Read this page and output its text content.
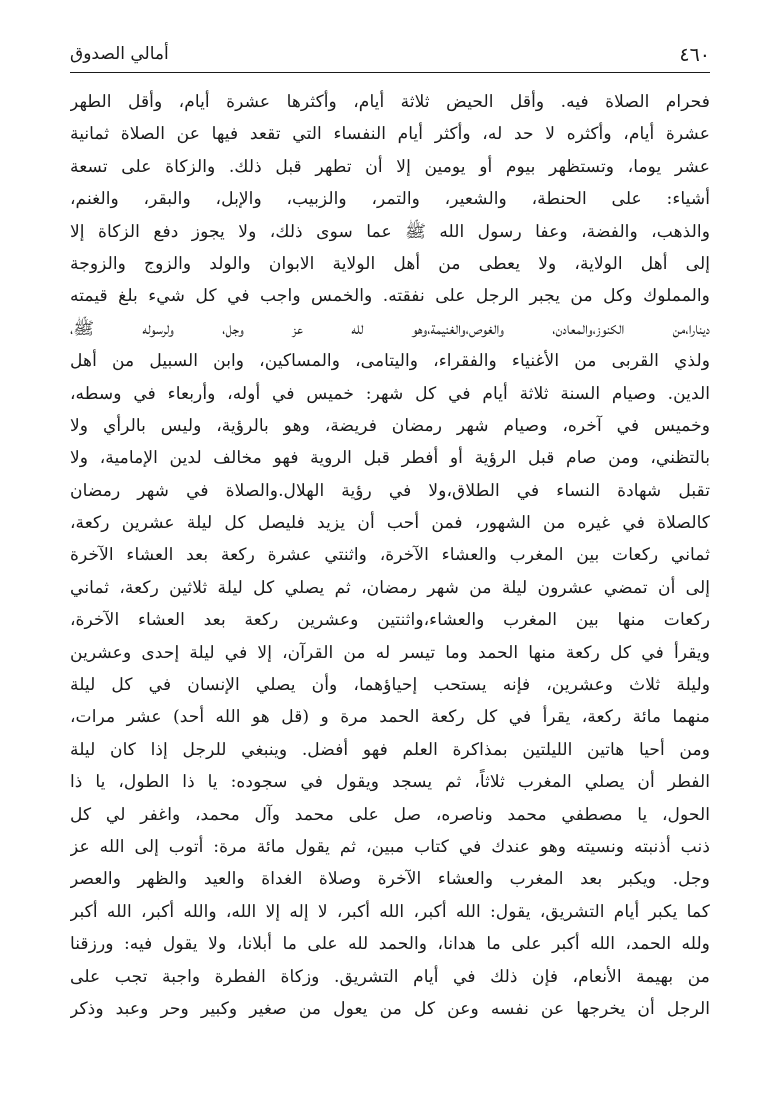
٤٦٠
أمالي الصدوق
فحرام الصلاة فيه. وأقل الحيض ثلاثة أيام، وأكثرها عشرة أيام، وأقل الطهر
عشرة أيام، وأكثره لا حد له، وأكثر أيام النفساء التي تقعد فيها عن الصلاة ثمانية
عشر يوما، وتستظهر بيوم أو يومين إلا أن تطهر قبل ذلك. والزكاة على تسعة
أشياء: على الحنطة، والشعير، والتمر، والزبيب، والإبل، والبقر، والغنم،
والذهب، والفضة، وعفا رسول الله ﷺ عما سوى ذلك، ولا يجوز دفع الزكاة إلا
إلى أهل الولاية، ولا يعطى من أهل الولاية الابوان والولد والزوج والزوجة
والمملوك وكل من يجبر الرجل على نفقته. والخمس واجب في كل شيء بلغ قيمته
دينارا،من الكنوز،والمعادن، والغوص،والغنيمة،وهو لله عز وجل، ولرسوله ﷺ،
ولذي القربى من الأغنياء والفقراء، واليتامى، والمساكين، وابن السبيل من أهل
الدين. وصيام السنة ثلاثة أيام في كل شهر: خميس في أوله، وأربعاء في وسطه،
وخميس في آخره، وصيام شهر رمضان فريضة، وهو بالرؤية، وليس بالرأي ولا
بالتظني، ومن صام قبل الرؤية أو أفطر قبل الروية فهو مخالف لدين الإمامية، ولا
تقبل شهادة النساء في الطلاق،ولا في رؤية الهلال.والصلاة في شهر رمضان
كالصلاة في غيره من الشهور، فمن أحب أن يزيد فليصل كل ليلة عشرين ركعة،
ثماني ركعات بين المغرب والعشاء الآخرة، واثنتي عشرة ركعة بعد العشاء الآخرة
إلى أن تمضي عشرون ليلة من شهر رمضان، ثم يصلي كل ليلة ثلاثين ركعة، ثماني
ركعات منها بين المغرب والعشاء،واثنتين وعشرين ركعة بعد العشاء الآخرة،
ويقرأ في كل ركعة منها الحمد وما تيسر له من القرآن، إلا في ليلة إحدى وعشرين
وليلة ثلاث وعشرين، فإنه يستحب إحياؤهما، وأن يصلي الإنسان في كل ليلة
منهما مائة ركعة، يقرأ في كل ركعة الحمد مرة و (قل هو الله أحد) عشر مرات،
ومن أحيا هاتين الليلتين بمذاكرة العلم فهو أفضل. وينبغي للرجل إذا كان ليلة
الفطر أن يصلي المغرب ثلاثاً، ثم يسجد ويقول في سجوده: يا ذا الطول، يا ذا
الحول، يا مصطفي محمد وناصره، صل على محمد وآل محمد، واغفر لي كل
ذنب أذنبته ونسيته وهو عندك في كتاب مبين، ثم يقول مائة مرة: أتوب إلى الله عز
وجل. ويكبر بعد المغرب والعشاء الآخرة وصلاة الغداة والعيد والظهر والعصر
كما يكبر أيام التشريق، يقول: الله أكبر، الله أكبر، لا إله إلا الله، والله أكبر، الله أكبر
ولله الحمد، الله أكبر على ما هدانا، والحمد لله على ما أبلانا، ولا يقول فيه: ورزقنا
من بهيمة الأنعام، فإن ذلك في أيام التشريق. وزكاة الفطرة واجبة تجب على
الرجل أن يخرجها عن نفسه وعن كل من يعول من صغير وكبير وحر وعبد وذكر
